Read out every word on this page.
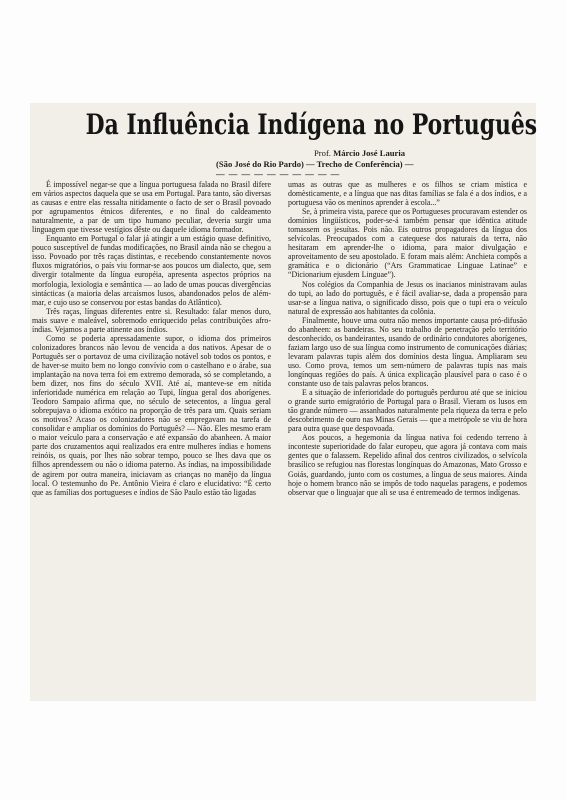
Da Influência Indígena no Português
Prof. Márcio José Lauria
(São José do Rio Pardo) — Trecho de Conferência) — — — — — — — — — — —

É impossível negar-se que a língua portuguesa falada no Brasil difere em vários aspectos daquela que se usa em Portugal. Para tanto, são diversas as causas e entre elas ressalta nitidamente o facto de ser o Brasil povoado por agrupamentos étnicos diferentes, e no final do caldeamento naturalmente, a par de um tipo humano peculiar, deveria surgir uma linguagem que tivesse vestígios dêste ou daquele idioma formador.

Enquanto em Portugal o falar já atingir a um estágio quase definitivo, pouco susceptível de fundas modificações, no Brasil ainda não se chegou a isso. Povoado por três raças distintas, e recebendo constantemente novos fluxos migratórios, o país viu formar-se aos poucos um dialecto, que, sem divergir totalmente da língua européia, apresenta aspectos próprios na morfologia, lexiologia e semântica — ao lado de umas poucas divergências sintácticas (a maioria delas arcaísmos lusos, abandonados pelos de além-mar, e cujo uso se conservou por estas bandas do Atlântico).

Três raças, línguas diferentes entre si. Resultado: falar menos duro, mais suave e maleável, sobremodo enriquecido pelas contribuições afro-índias. Vejamos a parte atinente aos índios.

Como se poderia apressadamente supor, o idioma dos primeiros colonizadores brancos não levou de vencida a dos nativos. Apesar de o Português ser o portavoz de uma civilização notável sob todos os pontos, e de haver-se muito bem no longo convívio com o castelhano e o árabe, sua implantação na nova terra foi em extremo demorada, só se completando, a bem dizer, nos fins do século XVII. Até aí, manteve-se em nítida inferioridade numérica em relação ao Tupi, língua geral dos aborígenes. Teodoro Sampaio afirma que, no século de setecentos, a língua geral sobrepujava o idioma exótico na proporção de três para um. Quais seriam os motivos? Acaso os colonizadores não se empregavam na tarefa de consolidar e ampliar os domínios do Português? — Não. Eles mesmo eram o maior veículo para a conservação e até expansão do abanheen. A maior parte dos cruzamentos aqui realizados era entre mulheres índias e homens reinóis, os quais, por lhes não sobrar tempo, pouco se lhes dava que os filhos aprendessem ou não o idioma paterno. As índias, na impossibilidade de agirem por outra maneira, iniciavam as crianças no manêjo da língua local. O testemunho do Pe. Antônio Vieira é claro e elucidativo: “É certo que as famílias dos portugueses e índios de São Paulo estão tão ligadas

umas as outras que as mulheres e os filhos se criam mística e domèsticamente, e a língua que nas ditas famílias se fala é a dos índios, e a portuguesa vão os meninos aprender à escola...”

Se, à primeira vista, parece que os Portugueses procuravam estender os domínios lingüísticos, poder-se-á também pensar que idêntica atitude tomassem os jesuítas. Pois não. Eis outros propagadores da língua dos selvícolas. Preocupados com a catequese dos naturais da terra, não hesitaram em aprender-lhe o idioma, para maior divulgação e aproveitamento de seu apostolado. E foram mais além: Anchieta compôs a gramática e o dicionário (“Ars Grammaticae Linguae Latinae” e “Dicionarium ejusdem Linguae”).

Nos colégios da Companhia de Jesus os inacianos ministravam aulas do tupi, ao lado do português, e é fácil avaliar-se, dada a propensão para usar-se a língua nativa, o significado disso, pois que o tupi era o veículo natural de expressão aos habitantes da colônia.

Finalmente, houve uma outra não menos importante causa pró-difusão do abanheen: as bandeiras. No seu trabalho de penetração pelo território desconhecido, os bandeirantes, usando de ordinário condutores aborígenes, faziam largo uso de sua língua como instrumento de comunicações diárias; levaram palavras tupis além dos domínios desta língua. Ampliaram seu uso. Como prova, temos um sem-número de palavras tupis nas mais longínquas regiões do país. A única explicação plausível para o caso é o constante uso de tais palavras pelos brancos.

E a situação de inferioridade do português perdurou até que se iniciou o grande surto emigratório de Portugal para o Brasil. Vieram os lusos em tão grande número — assanhados naturalmente pela riqueza da terra e pelo descobrimento de ouro nas Minas Gerais — que a metrópole se viu de hora para outra quase que despovoada.

Aos poucos, a hegemonia da língua nativa foi cedendo terreno à inconteste superioridade do falar europeu, que agora já contava com mais gentes que o falassem. Repelido afinal dos centros civilizados, o selvícola brasílico se refugiou nas florestas longínquas do Amazonas, Mato Grosso e Goiás, guardando, junto com os costumes, a língua de seus maiores. Ainda hoje o homem branco não se impôs de todo naquelas paragens, e podemos observar que o linguajar que ali se usa é entremeado de termos indígenas.
